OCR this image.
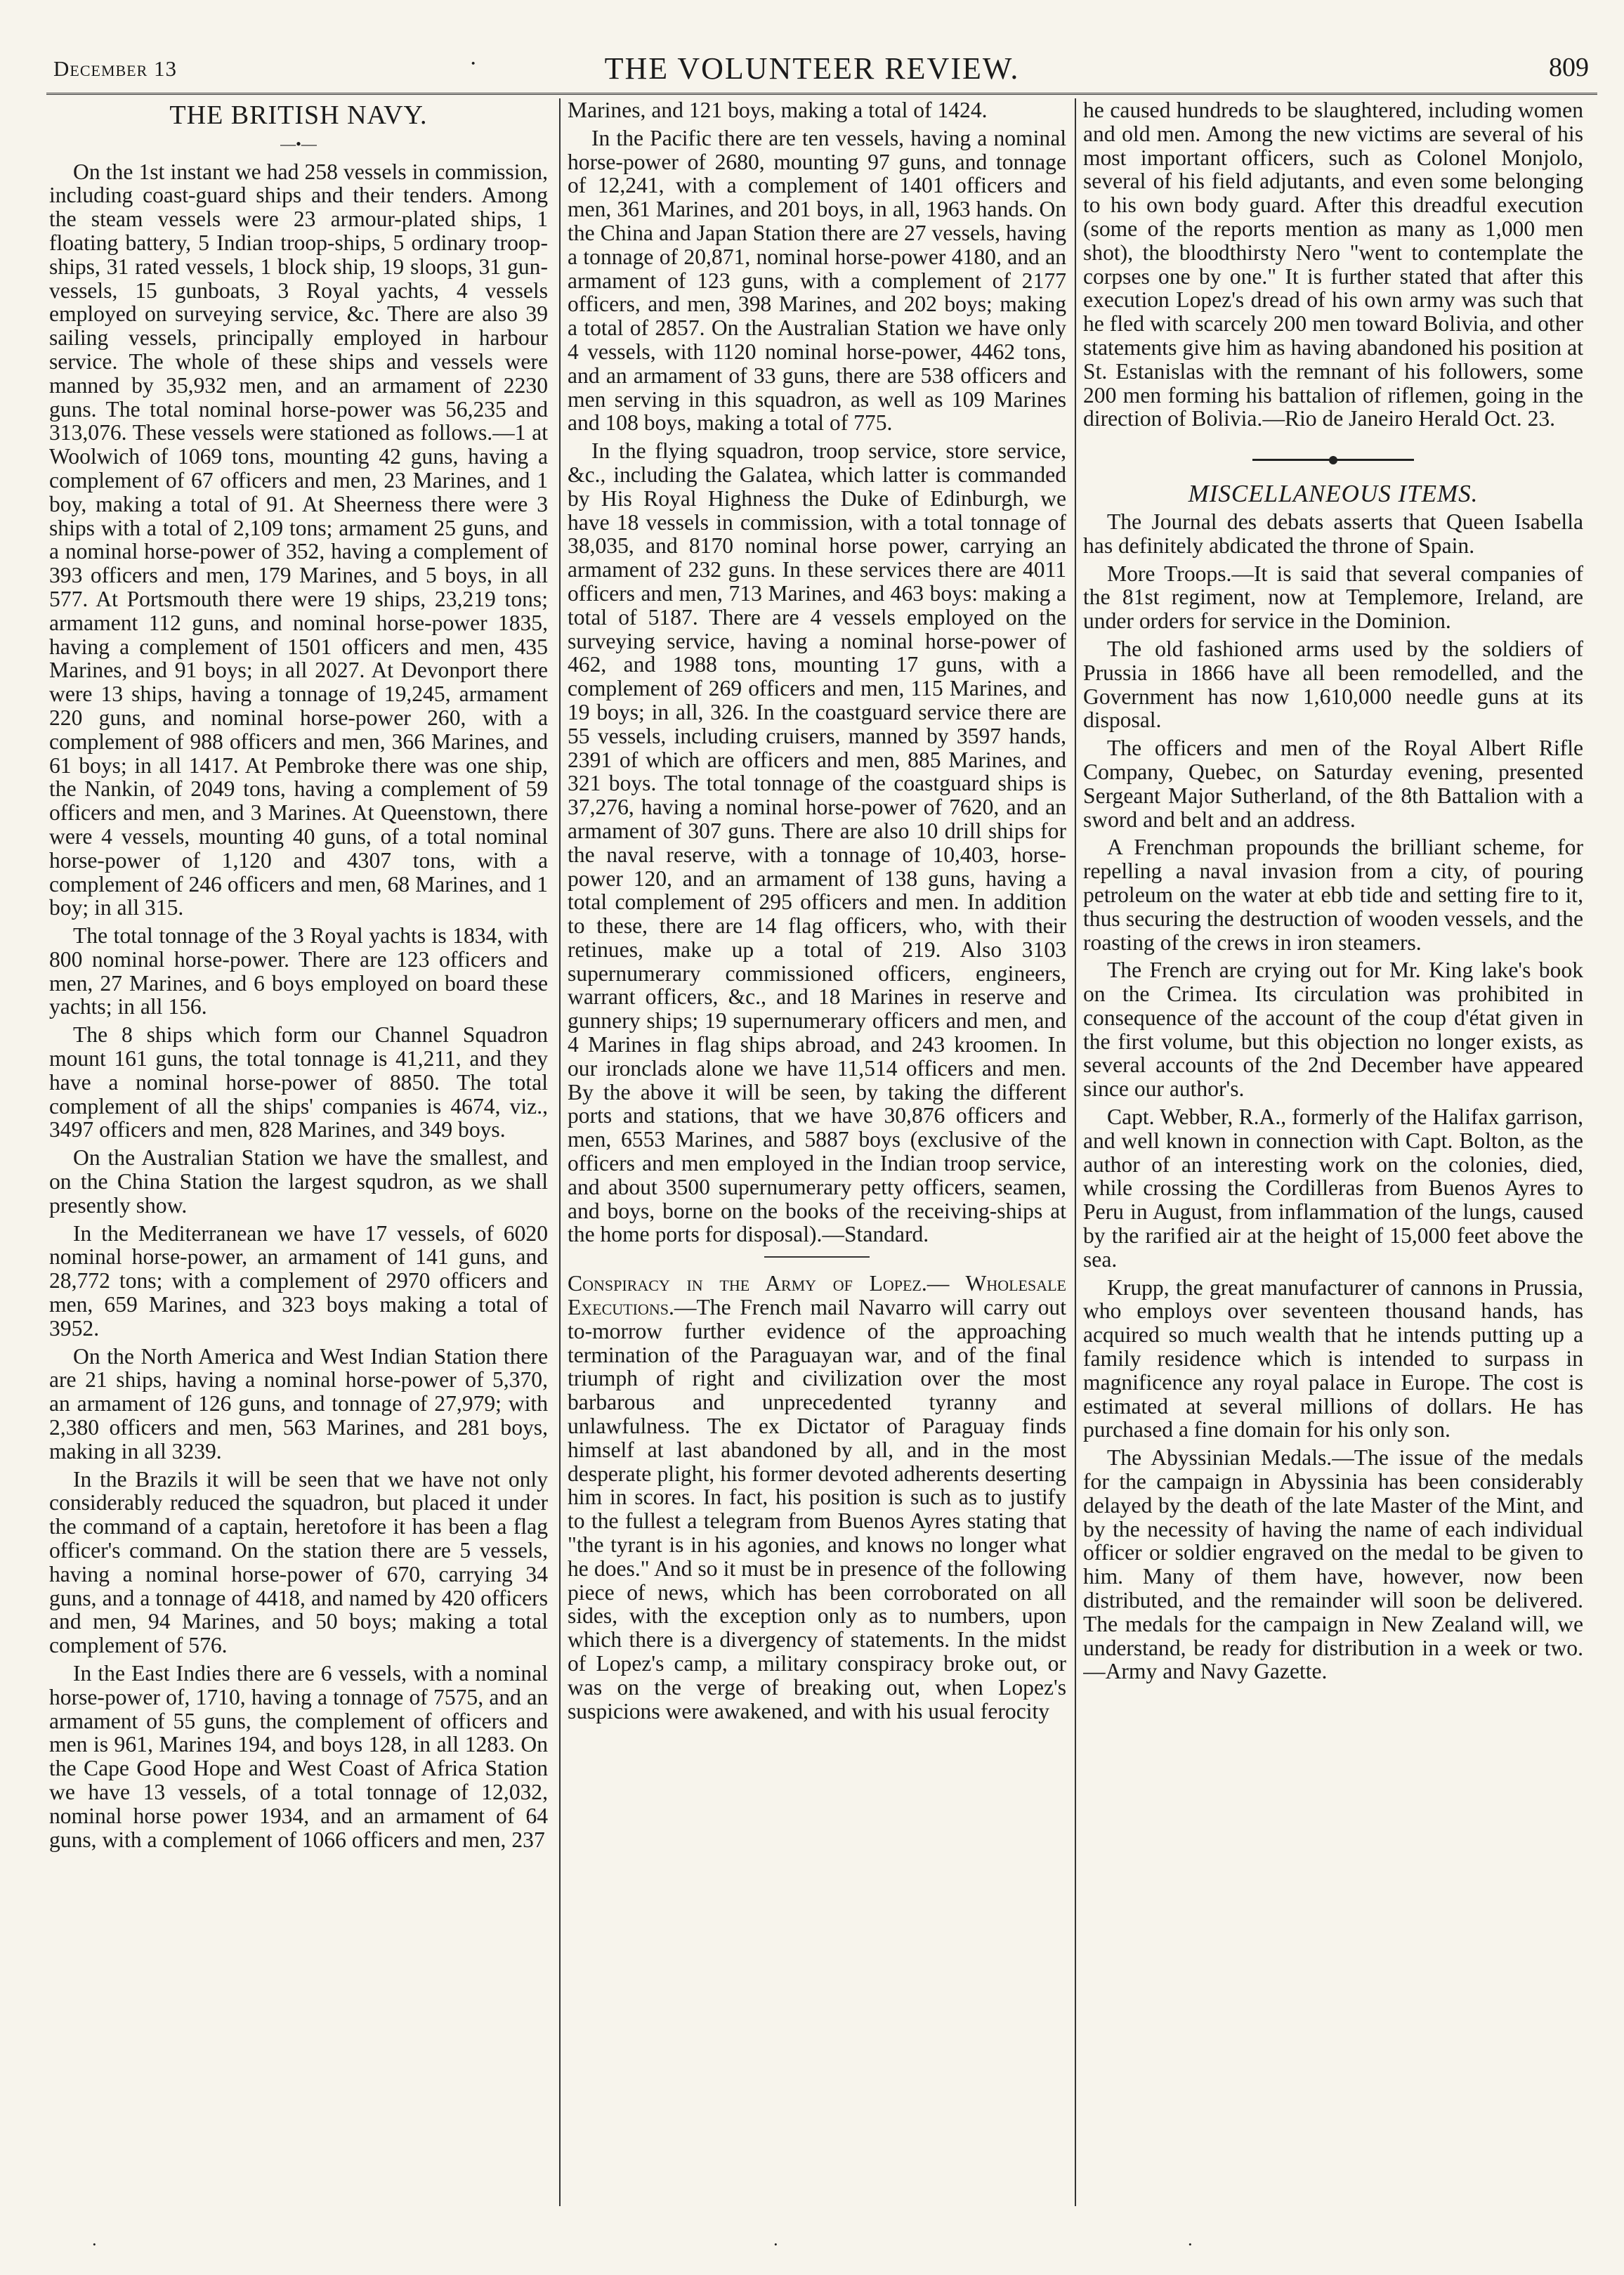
December 13	·	THE VOLUNTEER REVIEW.	809
THE BRITISH NAVY.
—•—

On the 1st instant we had 258 vessels in commission, including coast-guard ships and their tenders. Among the steam vessels were 23 armour-plated ships, 1 floating battery, 5 Indian troop-ships, 5 ordinary troop-ships, 31 rated vessels, 1 block ship, 19 sloops, 31 gun-vessels, 15 gunboats, 3 Royal yachts, 4 vessels employed on surveying service, &c. There are also 39 sailing vessels, principally employed in harbour service. The whole of these ships and vessels were manned by 35,932 men, and an armament of 2230 guns. The total nominal horse-power was 56,235 and 313,076. These vessels were stationed as follows.—1 at Woolwich of 1069 tons, mounting 42 guns, having a complement of 67 officers and men, 23 Marines, and 1 boy, making a total of 91. At Sheerness there were 3 ships with a total of 2,109 tons; armament 25 guns, and a nominal horse-power of 352, having a complement of 393 officers and men, 179 Marines, and 5 boys, in all 577. At Portsmouth there were 19 ships, 23,219 tons; armament 112 guns, and nominal horse-power 1835, having a complement of 1501 officers and men, 435 Marines, and 91 boys; in all 2027. At Devonport there were 13 ships, having a tonnage of 19,245, armament 220 guns, and nominal horse-power 260, with a complement of 988 officers and men, 366 Marines, and 61 boys; in all 1417. At Pembroke there was one ship, the Nankin, of 2049 tons, having a complement of 59 officers and men, and 3 Marines. At Queenstown, there were 4 vessels, mounting 40 guns, of a total nominal horse-power of 1,120 and 4307 tons, with a complement of 246 officers and men, 68 Marines, and 1 boy; in all 315.

The total tonnage of the 3 Royal yachts is 1834, with 800 nominal horse-power. There are 123 officers and men, 27 Marines, and 6 boys employed on board these yachts; in all 156.

The 8 ships which form our Channel Squadron mount 161 guns, the total tonnage is 41,211, and they have a nominal horse-power of 8850. The total complement of all the ships' companies is 4674, viz., 3497 officers and men, 828 Marines, and 349 boys.

On the Australian Station we have the smallest, and on the China Station the largest squdron, as we shall presently show.

In the Mediterranean we have 17 vessels, of 6020 nominal horse-power, an armament of 141 guns, and 28,772 tons; with a complement of 2970 officers and men, 659 Marines, and 323 boys making a total of 3952.

On the North America and West Indian Station there are 21 ships, having a nominal horse-power of 5,370, an armament of 126 guns, and tonnage of 27,979; with 2,380 officers and men, 563 Marines, and 281 boys, making in all 3239.

In the Brazils it will be seen that we have not only considerably reduced the squadron, but placed it under the command of a captain, heretofore it has been a flag officer's command. On the station there are 5 vessels, having a nominal horse-power of 670, carrying 34 guns, and a tonnage of 4418, and named by 420 officers and men, 94 Marines, and 50 boys; making a total complement of 576.

In the East Indies there are 6 vessels, with a nominal horse-power of, 1710, having a tonnage of 7575, and an armament of 55 guns, the complement of officers and men is 961, Marines 194, and boys 128, in all 1283. On the Cape Good Hope and West Coast of Africa Station we have 13 vessels, of a total tonnage of 12,032, nominal horse power 1934, and an armament of 64 guns, with a complement of 1066 officers and men, 237

Marines, and 121 boys, making a total of 1424.

In the Pacific there are ten vessels, having a nominal horse-power of 2680, mounting 97 guns, and tonnage of 12,241, with a complement of 1401 officers and men, 361 Marines, and 201 boys, in all, 1963 hands. On the China and Japan Station there are 27 vessels, having a tonnage of 20,871, nominal horse-power 4180, and an armament of 123 guns, with a complement of 2177 officers, and men, 398 Marines, and 202 boys; making a total of 2857. On the Australian Station we have only 4 vessels, with 1120 nominal horse-power, 4462 tons, and an armament of 33 guns, there are 538 officers and men serving in this squadron, as well as 109 Marines and 108 boys, making a total of 775.

In the flying squadron, troop service, store service, &c., including the Galatea, which latter is commanded by His Royal Highness the Duke of Edinburgh, we have 18 vessels in commission, with a total tonnage of 38,035, and 8170 nominal horse power, carrying an armament of 232 guns. In these services there are 4011 officers and men, 713 Marines, and 463 boys: making a total of 5187. There are 4 vessels employed on the surveying service, having a nominal horse-power of 462, and 1988 tons, mounting 17 guns, with a complement of 269 officers and men, 115 Marines, and 19 boys; in all, 326. In the coastguard service there are 55 vessels, including cruisers, manned by 3597 hands, 2391 of which are officers and men, 885 Marines, and 321 boys. The total tonnage of the coastguard ships is 37,276, having a nominal horse-power of 7620, and an armament of 307 guns. There are also 10 drill ships for the naval reserve, with a tonnage of 10,403, horse-power 120, and an armament of 138 guns, having a total complement of 295 officers and men. In addition to these, there are 14 flag officers, who, with their retinues, make up a total of 219. Also 3103 supernumerary commissioned officers, engineers, warrant officers, &c., and 18 Marines in reserve and gunnery ships; 19 supernumerary officers and men, and 4 Marines in flag ships abroad, and 243 kroomen. In our ironclads alone we have 11,514 officers and men. By the above it will be seen, by taking the different ports and stations, that we have 30,876 officers and men, 6553 Marines, and 5887 boys (exclusive of the officers and men employed in the Indian troop service, and about 3500 supernumerary petty officers, seamen, and boys, borne on the books of the receiving-ships at the home ports for disposal).—Standard.

Conspiracy in the Army of Lopez.— Wholesale Executions.—The French mail Navarro will carry out to-morrow further evidence of the approaching termination of the Paraguayan war, and of the final triumph of right and civilization over the most barbarous and unprecedented tyranny and unlawfulness. The ex Dictator of Paraguay finds himself at last abandoned by all, and in the most desperate plight, his former devoted adherents deserting him in scores. In fact, his position is such as to justify to the fullest a telegram from Buenos Ayres stating that "the tyrant is in his agonies, and knows no longer what he does." And so it must be in presence of the following piece of news, which has been corroborated on all sides, with the exception only as to numbers, upon which there is a divergency of statements. In the midst of Lopez's camp, a military conspiracy broke out, or was on the verge of breaking out, when Lopez's suspicions were awakened, and with his usual ferocity

he caused hundreds to be slaughtered, including women and old men. Among the new victims are several of his most important officers, such as Colonel Monjolo, several of his field adjutants, and even some belonging to his own body guard. After this dreadful execution (some of the reports mention as many as 1,000 men shot), the bloodthirsty Nero "went to contemplate the corpses one by one." It is further stated that after this execution Lopez's dread of his own army was such that he fled with scarcely 200 men toward Bolivia, and other statements give him as having abandoned his position at St. Estanislas with the remnant of his followers, some 200 men forming his battalion of riflemen, going in the direction of Bolivia.—Rio de Janeiro Herald Oct. 23.

MISCELLANEOUS ITEMS.

The Journal des debats asserts that Queen Isabella has definitely abdicated the throne of Spain.

More Troops.—It is said that several companies of the 81st regiment, now at Templemore, Ireland, are under orders for service in the Dominion.

The old fashioned arms used by the soldiers of Prussia in 1866 have all been remodelled, and the Government has now 1,610,000 needle guns at its disposal.

The officers and men of the Royal Albert Rifle Company, Quebec, on Saturday evening, presented Sergeant Major Sutherland, of the 8th Battalion with a sword and belt and an address.

A Frenchman propounds the brilliant scheme, for repelling a naval invasion from a city, of pouring petroleum on the water at ebb tide and setting fire to it, thus securing the destruction of wooden vessels, and the roasting of the crews in iron steamers.

The French are crying out for Mr. King lake's book on the Crimea. Its circulation was prohibited in consequence of the account of the coup d'état given in the first volume, but this objection no longer exists, as several accounts of the 2nd December have appeared since our author's.

Capt. Webber, R.A., formerly of the Halifax garrison, and well known in connection with Capt. Bolton, as the author of an interesting work on the colonies, died, while crossing the Cordilleras from Buenos Ayres to Peru in August, from inflammation of the lungs, caused by the rarified air at the height of 15,000 feet above the sea.

Krupp, the great manufacturer of cannons in Prussia, who employs over seventeen thousand hands, has acquired so much wealth that he intends putting up a family residence which is intended to surpass in magnificence any royal palace in Europe. The cost is estimated at several millions of dollars. He has purchased a fine domain for his only son.

The Abyssinian Medals.—The issue of the medals for the campaign in Abyssinia has been considerably delayed by the death of the late Master of the Mint, and by the necessity of having the name of each individual officer or soldier engraved on the medal to be given to him. Many of them have, however, now been distributed, and the remainder will soon be delivered. The medals for the campaign in New Zealand will, we understand, be ready for distribution in a week or two.—Army and Navy Gazette.

·	·	·
